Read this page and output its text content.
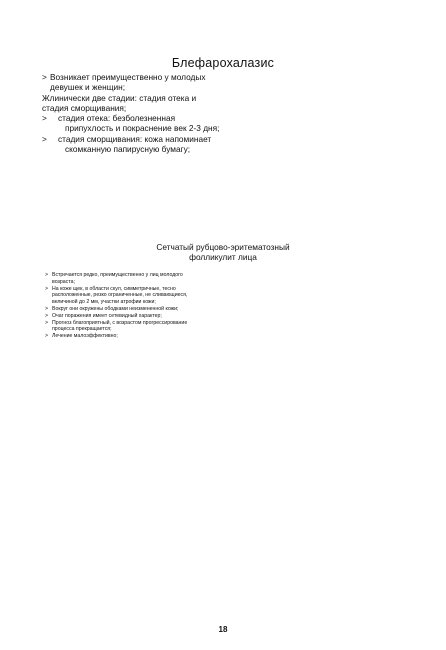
Блефарохалазис
> Возникает преимущественно у молодых девушек и женщин;
Жлинически две стадии: стадия отека и стадия сморщивания;
> стадия отека: безболезненная припухлость и покраснение век 2-3 дня;
> стадия сморщивания: кожа напоминает скомканную папирусную бумагу;
Сетчатый рубцово-эритематозный
фолликулит лица
> Встречается редко, преимущественно у лиц молодого возраста;
> На коже щек, в области скул, симметричные, тесно расположенные, резко ограниченные, не сливающиеся, величиной до 2 мм, участки атрофии кожи;
> Вокруг они окружены ободками неизмененной кожи;
> Очаг поражения имеет сетевидный характер;
> Прогноз благоприятный, с возрастом прогрессирование процесса прекращается;
> Лечение малоэффективно;
18
